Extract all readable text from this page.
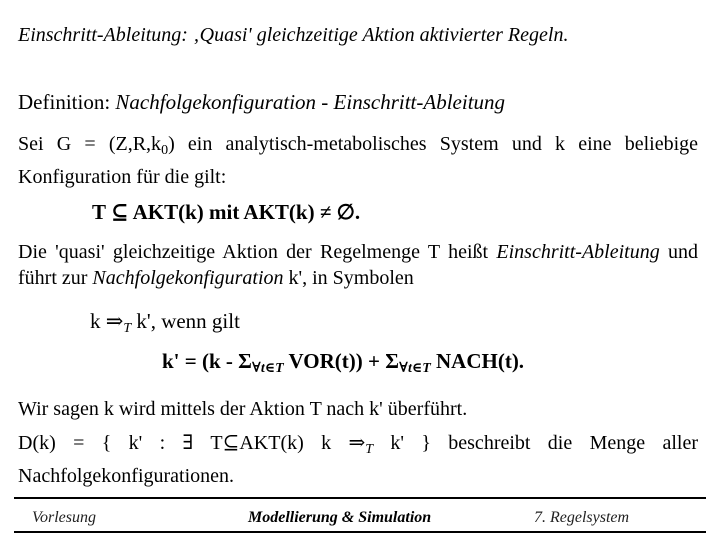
Einschritt-Ableitung: ‚Quasi' gleichzeitige Aktion aktivierter Regeln.
Definition: Nachfolgekonfiguration - Einschritt-Ableitung
Sei $G = (Z,R,k_0)$ ein analytisch-metabolisches System und k eine beliebige Konfiguration für die gilt:
T ⊆ AKT(k) mit AKT(k) ≠ ∅.
Die 'quasi' gleichzeitige Aktion der Regelmenge T heißt Einschritt-Ableitung und führt zur Nachfolgekonfiguration k', in Symbolen
k $\Rightarrow_T$ k', wenn gilt
$k' = (k - \Sigma_{\forall t\in T}$ $VOR(t)) + \Sigma_{\forall t\in T}$ NACH(t).
Wir sagen k wird mittels der Aktion T nach k' überführt.
D(k) = { k' : ∃ T⊆AKT(k) k $\Rightarrow_T$ k' } beschreibt die Menge aller Nachfolgekonfigurationen.
Vorlesung	Modellierung & Simulation	7. Regelsystem
